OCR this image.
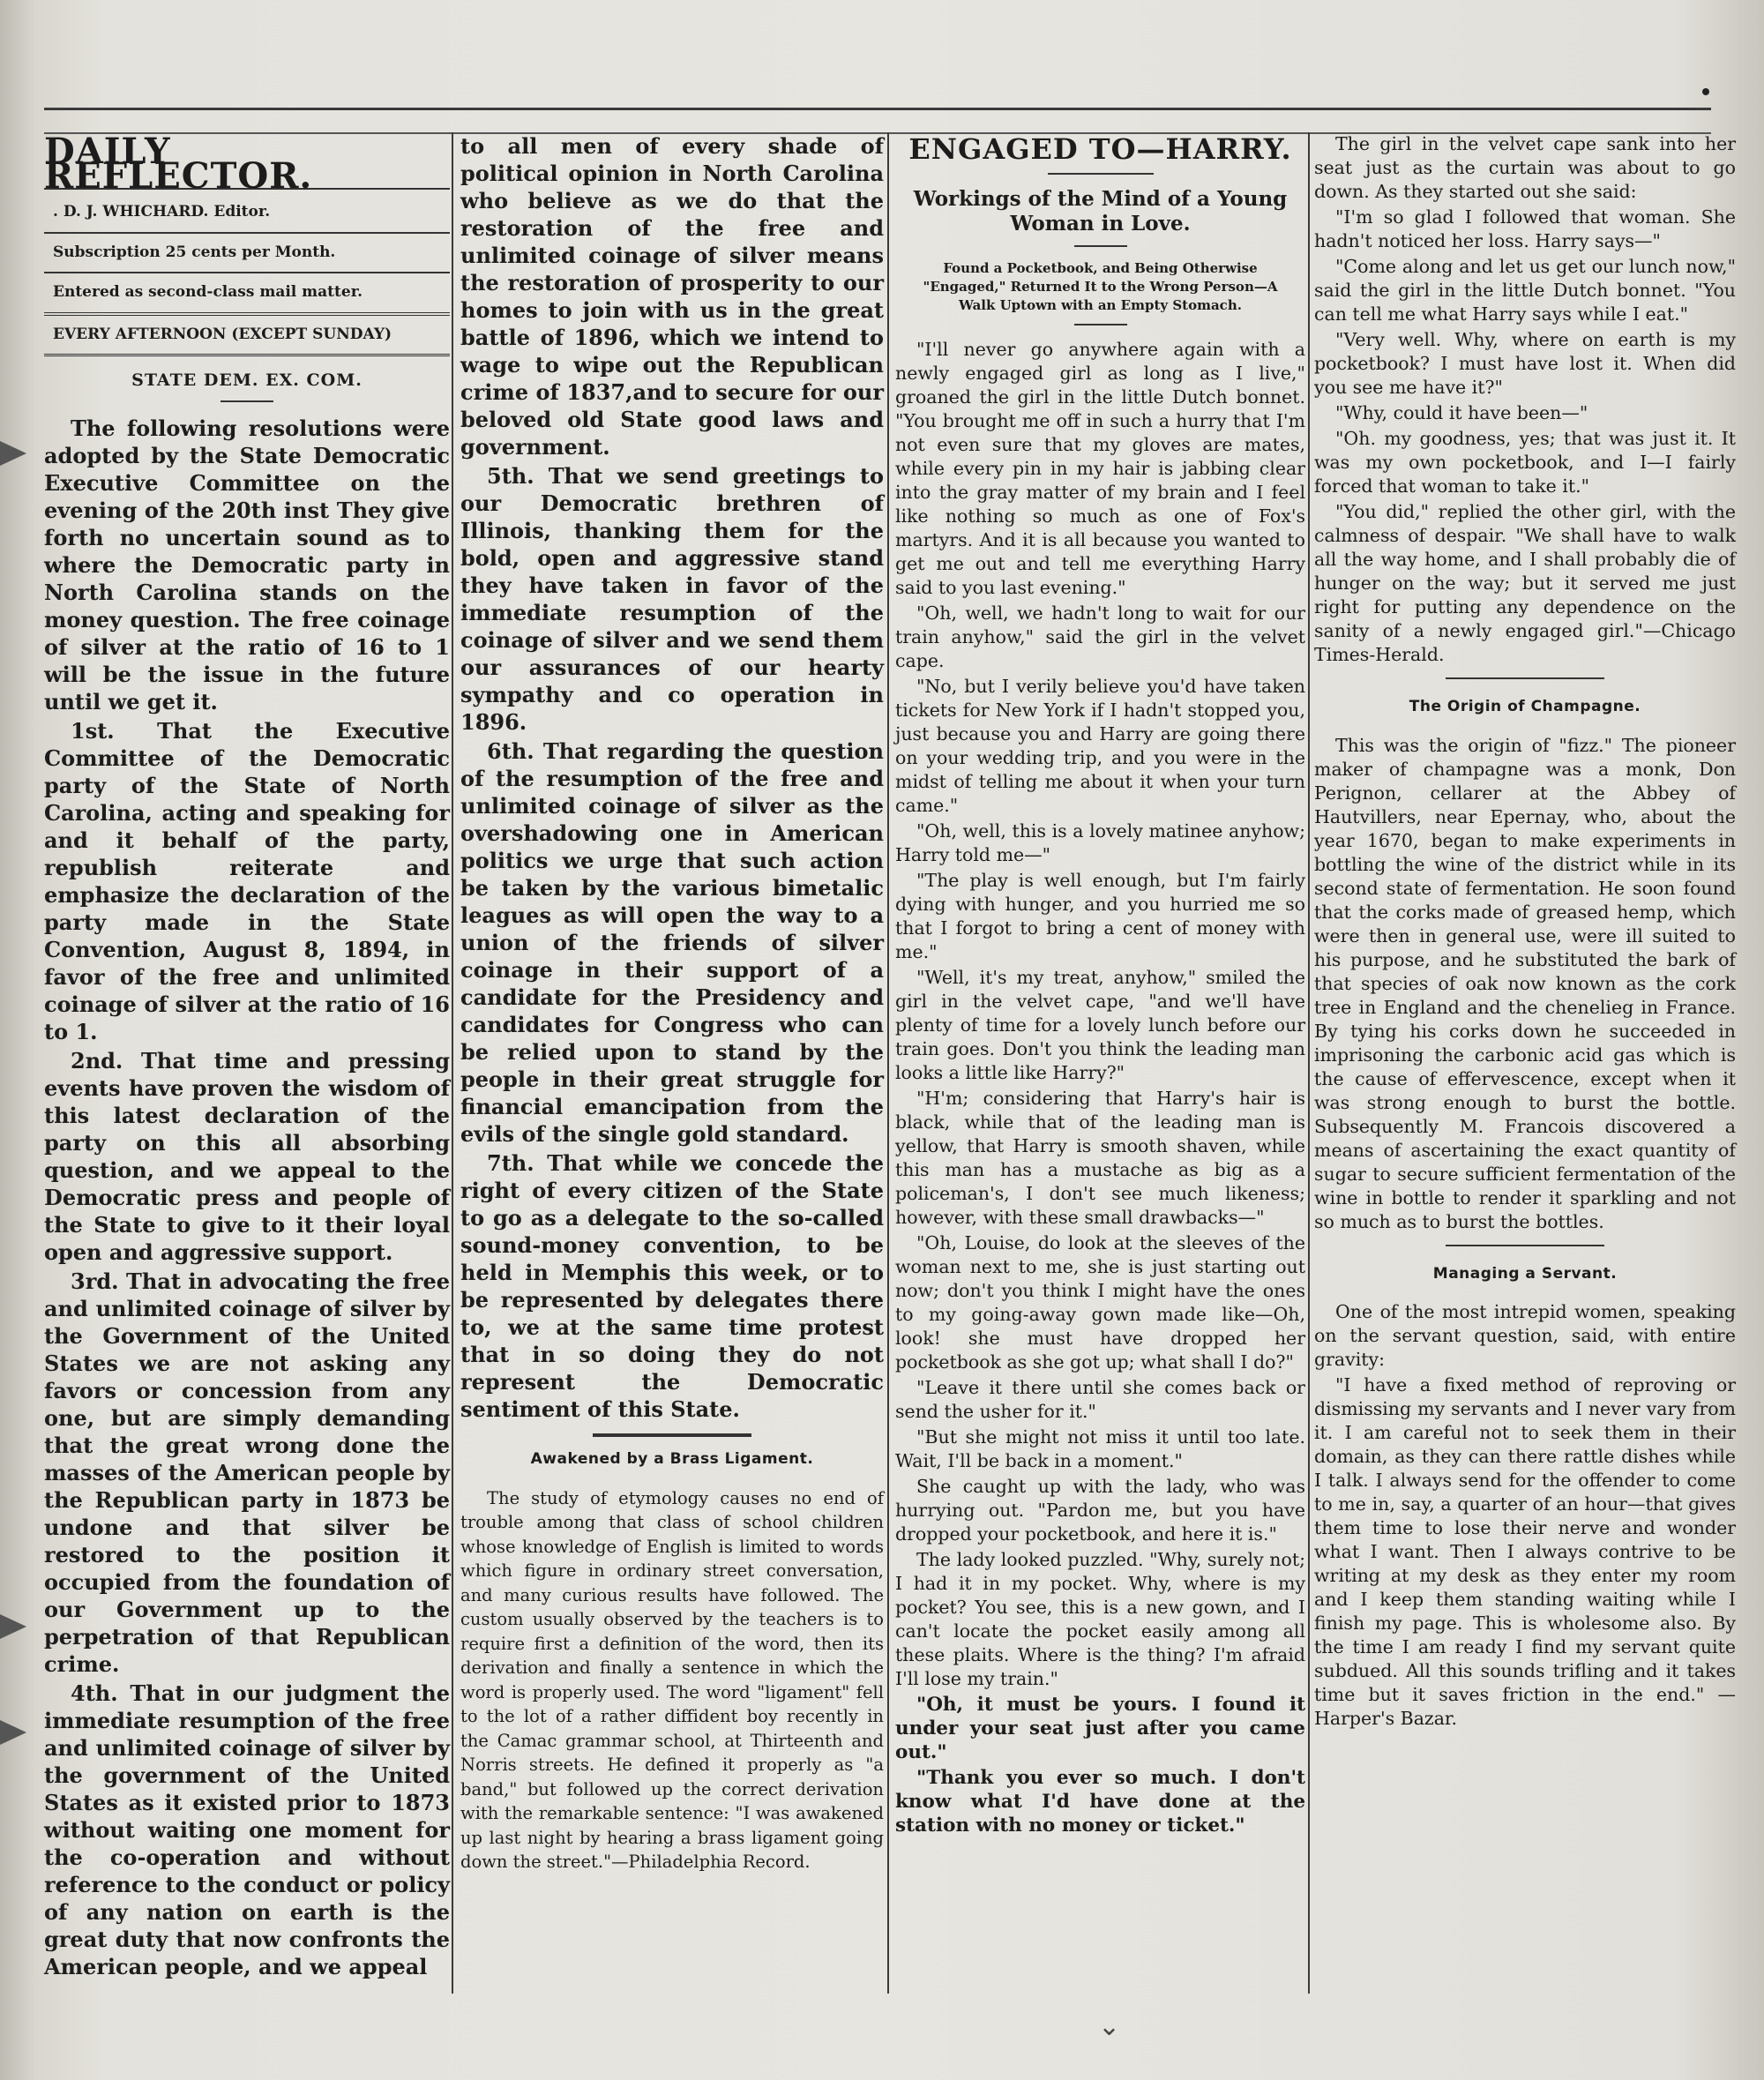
DAILY REFLECTOR.
. D. J. WHICHARD. Editor.
Subscription 25 cents per Month.
Entered as second-class mail matter.
EVERY AFTERNOON (EXCEPT SUNDAY)
STATE DEM. EX. COM.

The following resolutions were adopted by the State Democratic Executive Committee on the evening of the 20th inst They give forth no uncertain sound as to where the Democratic party in North Carolina stands on the money question. The free coinage of silver at the ratio of 16 to 1 will be the issue in the future until we get it.

1st. That the Executive Committee of the Democratic party of the State of North Carolina, acting and speaking for and it behalf of the party, republish reiterate and emphasize the declaration of the party made in the State Convention, August 8, 1894, in favor of the free and unlimited coinage of silver at the ratio of 16 to 1.

2nd. That time and pressing events have proven the wisdom of this latest declaration of the party on this all absorbing question, and we appeal to the Democratic press and people of the State to give to it their loyal open and aggressive support.

3rd. That in advocating the free and unlimited coinage of silver by the Government of the United States we are not asking any favors or concession from any one, but are simply demanding that the great wrong done the masses of the American people by the Republican party in 1873 be undone and that silver be restored to the position it occupied from the foundation of our Government up to the perpetration of that Republican crime.

4th. That in our judgment the immediate resumption of the free and unlimited coinage of silver by the government of the United States as it existed prior to 1873 without waiting one moment for the co-operation and without reference to the conduct or policy of any nation on earth is the great duty that now confronts the American people, and we appeal

to all men of every shade of political opinion in North Carolina who believe as we do that the restoration of the free and unlimited coinage of silver means the restoration of prosperity to our homes to join with us in the great battle of 1896, which we intend to wage to wipe out the Republican crime of 1837,and to secure for our beloved old State good laws and government.

5th. That we send greetings to our Democratic brethren of Illinois, thanking them for the bold, open and aggressive stand they have taken in favor of the immediate resumption of the coinage of silver and we send them our assurances of our hearty sympathy and co operation in 1896.

6th. That regarding the question of the resumption of the free and unlimited coinage of silver as the overshadowing one in American politics we urge that such action be taken by the various bimetalic leagues as will open the way to a union of the friends of silver coinage in their support of a candidate for the Presidency and candidates for Congress who can be relied upon to stand by the people in their great struggle for financial emancipation from the evils of the single gold standard.

7th. That while we concede the right of every citizen of the State to go as a delegate to the so-called sound-money convention, to be held in Memphis this week, or to be represented by delegates there to, we at the same time protest that in so doing they do not represent the Democratic sentiment of this State.

Awakened by a Brass Ligament.

The study of etymology causes no end of trouble among that class of school children whose knowledge of English is limited to words which figure in ordinary street conversation, and many curious results have followed. The custom usually observed by the teachers is to require first a definition of the word, then its derivation and finally a sentence in which the word is properly used. The word "ligament" fell to the lot of a rather diffident boy recently in the Camac grammar school, at Thirteenth and Norris streets. He defined it properly as "a band," but followed up the correct derivation with the remarkable sentence: "I was awakened up last night by hearing a brass ligament going down the street."—Philadelphia Record.

ENGAGED TO—HARRY.
Workings of the Mind of a Young Woman in Love.
Found a Pocketbook, and Being Otherwise "Engaged," Returned It to the Wrong Person—A Walk Uptown with an Empty Stomach.

"I'll never go anywhere again with a newly engaged girl as long as I live," groaned the girl in the little Dutch bonnet. "You brought me off in such a hurry that I'm not even sure that my gloves are mates, while every pin in my hair is jabbing clear into the gray matter of my brain and I feel like nothing so much as one of Fox's martyrs. And it is all because you wanted to get me out and tell me everything Harry said to you last evening."

"Oh, well, we hadn't long to wait for our train anyhow," said the girl in the velvet cape.

"No, but I verily believe you'd have taken tickets for New York if I hadn't stopped you, just because you and Harry are going there on your wedding trip, and you were in the midst of telling me about it when your turn came."

"Oh, well, this is a lovely matinee anyhow; Harry told me—"

"The play is well enough, but I'm fairly dying with hunger, and you hurried me so that I forgot to bring a cent of money with me."

"Well, it's my treat, anyhow," smiled the girl in the velvet cape, "and we'll have plenty of time for a lovely lunch before our train goes. Don't you think the leading man looks a little like Harry?"

"H'm; considering that Harry's hair is black, while that of the leading man is yellow, that Harry is smooth shaven, while this man has a mustache as big as a policeman's, I don't see much likeness; however, with these small drawbacks—"

"Oh, Louise, do look at the sleeves of the woman next to me, she is just starting out now; don't you think I might have the ones to my going-away gown made like—Oh, look! she must have dropped her pocketbook as she got up; what shall I do?"

"Leave it there until she comes back or send the usher for it."

"But she might not miss it until too late. Wait, I'll be back in a moment."

She caught up with the lady, who was hurrying out. "Pardon me, but you have dropped your pocketbook, and here it is."

The lady looked puzzled. "Why, surely not; I had it in my pocket. Why, where is my pocket? You see, this is a new gown, and I can't locate the pocket easily among all these plaits. Where is the thing? I'm afraid I'll lose my train."

"Oh, it must be yours. I found it under your seat just after you came out."

"Thank you ever so much. I don't know what I'd have done at the station with no money or ticket."

The girl in the velvet cape sank into her seat just as the curtain was about to go down. As they started out she said:

"I'm so glad I followed that woman. She hadn't noticed her loss. Harry says—"

"Come along and let us get our lunch now," said the girl in the little Dutch bonnet. "You can tell me what Harry says while I eat."

"Very well. Why, where on earth is my pocketbook? I must have lost it. When did you see me have it?"

"Why, could it have been—"

"Oh. my goodness, yes; that was just it. It was my own pocketbook, and I—I fairly forced that woman to take it."

"You did," replied the other girl, with the calmness of despair. "We shall have to walk all the way home, and I shall probably die of hunger on the way; but it served me just right for putting any dependence on the sanity of a newly engaged girl."—Chicago Times-Herald.

The Origin of Champagne.

This was the origin of "fizz." The pioneer maker of champagne was a monk, Don Perignon, cellarer at the Abbey of Hautvillers, near Epernay, who, about the year 1670, began to make experiments in bottling the wine of the district while in its second state of fermentation. He soon found that the corks made of greased hemp, which were then in general use, were ill suited to his purpose, and he substituted the bark of that species of oak now known as the cork tree in England and the chenelieg in France. By tying his corks down he succeeded in imprisoning the carbonic acid gas which is the cause of effervescence, except when it was strong enough to burst the bottle. Subsequently M. Francois discovered a means of ascertaining the exact quantity of sugar to secure sufficient fermentation of the wine in bottle to render it sparkling and not so much as to burst the bottles.

Managing a Servant.

One of the most intrepid women, speaking on the servant question, said, with entire gravity:

"I have a fixed method of reproving or dismissing my servants and I never vary from it. I am careful not to seek them in their domain, as they can there rattle dishes while I talk. I always send for the offender to come to me in, say, a quarter of an hour—that gives them time to lose their nerve and wonder what I want. Then I always contrive to be writing at my desk as they enter my room and I keep them standing waiting while I finish my page. This is wholesome also. By the time I am ready I find my servant quite subdued. All this sounds trifling and it takes time but it saves friction in the end." — Harper's Bazar.

⌄
